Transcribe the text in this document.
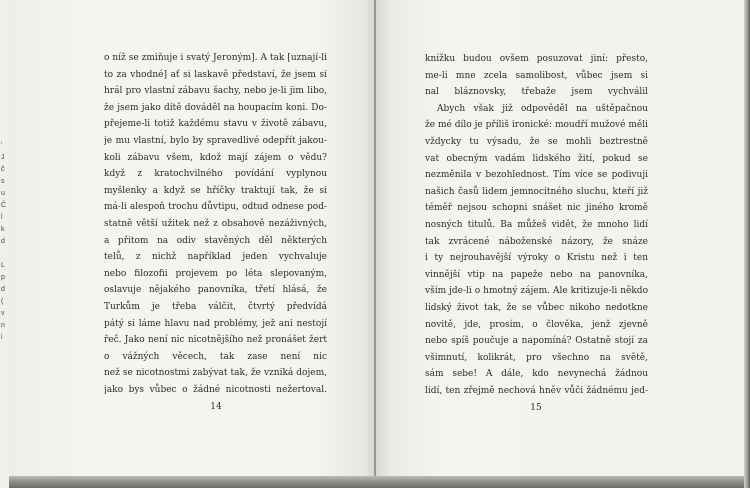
'
J
č
s
u
Č
l
k
d

L
p
d
(
v
n
i
o níž se zmiňuje i svatý Jeroným]. A tak [uznají-li
to za vhodné] ať si laskavě představí, že jsem si
hrál pro vlastní zábavu šachy, nebo je-li jim libo,
že jsem jako dítě dováděl na houpacím koni. Do-
přejeme-li totiž každému stavu v životě zábavu,
je mu vlastní, bylo by spravedlivé odepřít jakou-
koli zábavu všem, kdož mají zájem o vědu?
když z kratochvilného povídání vyplynou
myšlenky a když se hříčky traktují tak, že si
má-li alespoň trochu důvtipu, odtud odnese pod-
statně větší užitek než z obsahově nezáživných,
a přitom na odiv stavěných děl některých
telů, z nichž například jeden vychvaluje
nebo filozofii projevem po léta slepovaným,
oslavuje nějakého panovníka, třetí hlásá, že
Turkům je třeba válčit, čtvrtý předvídá
pátý si láme hlavu nad problémy, jež ani nestojí
řeč. Jako není nic nicotnějšího než pronášet žert
o vážných věcech, tak zase není nic
než se nicotnostmi zabývat tak, že vzniká dojem,
jako bys vůbec o žádné nicotnosti nežertoval.
14
knížku budou ovšem posuzovat jiní: přesto,
me-li mne zcela samolibost, vůbec jsem si
nal bláznovsky, třebaže jsem vychválil
Abych však již odpověděl na uštěpačnou
že mé dílo je příliš ironické: moudří mužové měli
vždycky tu výsadu, že se mohli beztrestně
vat obecným vadám lidského žití, pokud se
nezměnila v bezohlednost. Tím více se podivuji
našich časů lidem jemnocitného sluchu, kteří již
téměř nejsou schopni snášet nic jiného kromě
nosných titulů. Ba můžeš vidět, že mnoho lidí
tak zvrácené náboženské názory, že snáze
i ty nejrouhavější výroky o Kristu než i ten
vinnější vtip na papeže nebo na panovníka,
vším jde-li o hmotný zájem. Ale kritizuje-li někdo
lidský život tak, že se vůbec nikoho nedotkne
novitě, jde, prosím, o člověka, jenž zjevně
nebo spíš poučuje a napomíná? Ostatně stojí za
všimnutí, kolikrát, pro všechno na světě,
sám sebe! A dále, kdo nevynechá žádnou
lidí, ten zřejmě nechová hněv vůči žádnému jed-
15
